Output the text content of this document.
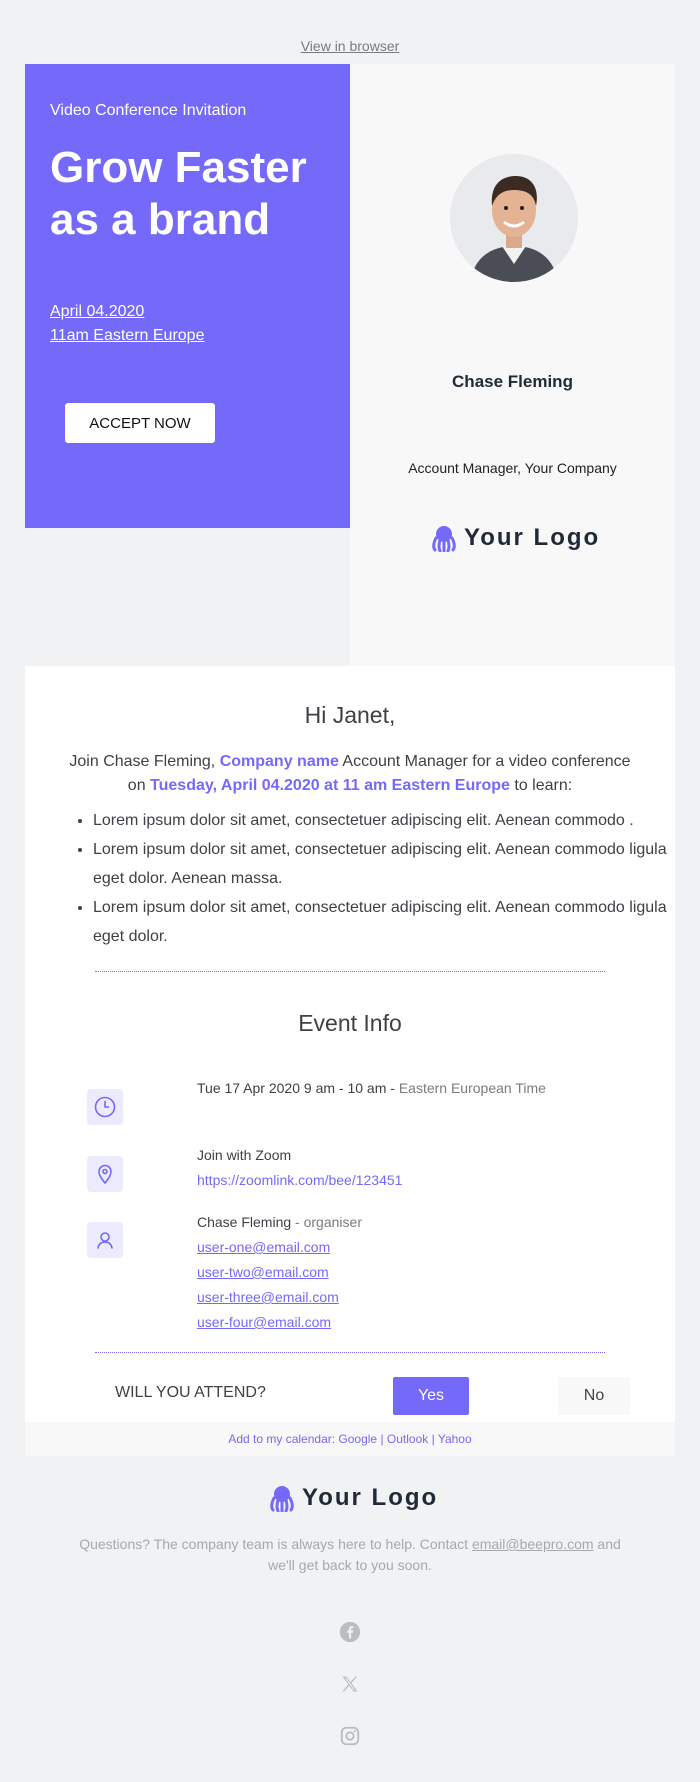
View in browser
Video Conference Invitation
Grow Faster as a brand
April 04.2020
11am Eastern Europe
ACCEPT NOW
Chase Fleming
Account Manager, Your Company
Your Logo
Hi Janet,
Join Chase Fleming, Company name Account Manager for a video conference on Tuesday, April 04.2020 at 11 am Eastern Europe to learn:
• Lorem ipsum dolor sit amet, consectetuer adipiscing elit. Aenean commodo .
• Lorem ipsum dolor sit amet, consectetuer adipiscing elit. Aenean commodo ligula eget dolor. Aenean massa.
• Lorem ipsum dolor sit amet, consectetuer adipiscing elit. Aenean commodo ligula eget dolor.
Event Info
Tue 17 Apr 2020 9 am - 10 am - Eastern European Time
Join with Zoom
https://zoomlink.com/bee/123451
Chase Fleming - organiser
user-one@email.com
user-two@email.com
user-three@email.com
user-four@email.com
WILL YOU ATTEND?	Yes	No
Add to my calendar: Google | Outlook | Yahoo
Your Logo
Questions? The company team is always here to help. Contact email@beepro.com and we'll get back to you soon.
